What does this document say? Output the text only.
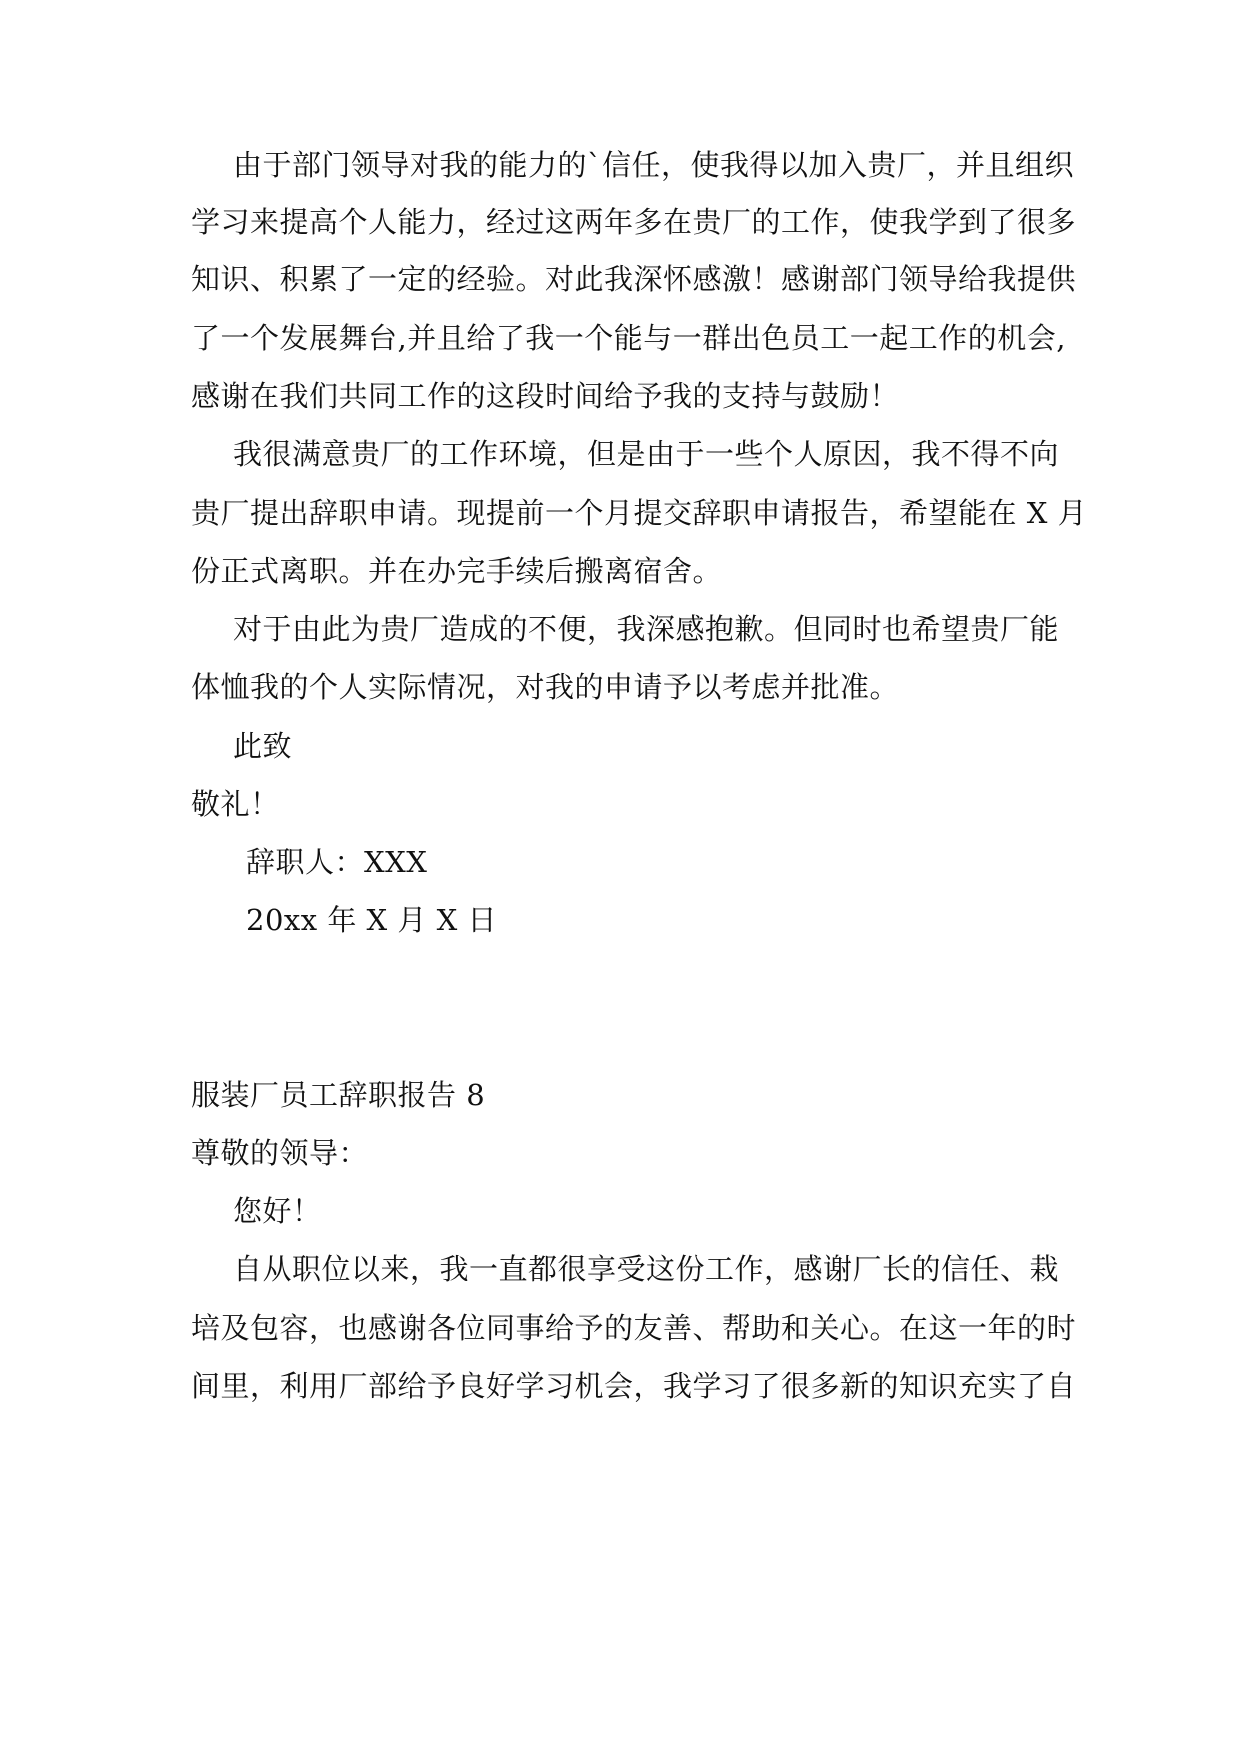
由于部门领导对我的能力的`信任，使我得以加入贵厂，并且组织
学习来提高个人能力，经过这两年多在贵厂的工作，使我学到了很多
知识、积累了一定的经验。对此我深怀感激！感谢部门领导给我提供
了一个发展舞台,并且给了我一个能与一群出色员工一起工作的机会,
感谢在我们共同工作的这段时间给予我的支持与鼓励！
我很满意贵厂的工作环境，但是由于一些个人原因，我不得不向
贵厂提出辞职申请。现提前一个月提交辞职申请报告，希望能在 X 月
份正式离职。并在办完手续后搬离宿舍。
对于由此为贵厂造成的不便，我深感抱歉。但同时也希望贵厂能
体恤我的个人实际情况，对我的申请予以考虑并批准。
此致
敬礼！
辞职人：XXX
20xx 年 X 月 X 日
服装厂员工辞职报告 8
尊敬的领导：
您好！
自从职位以来，我一直都很享受这份工作，感谢厂长的信任、栽
培及包容，也感谢各位同事给予的友善、帮助和关心。在这一年的时
间里，利用厂部给予良好学习机会，我学习了很多新的知识充实了自
